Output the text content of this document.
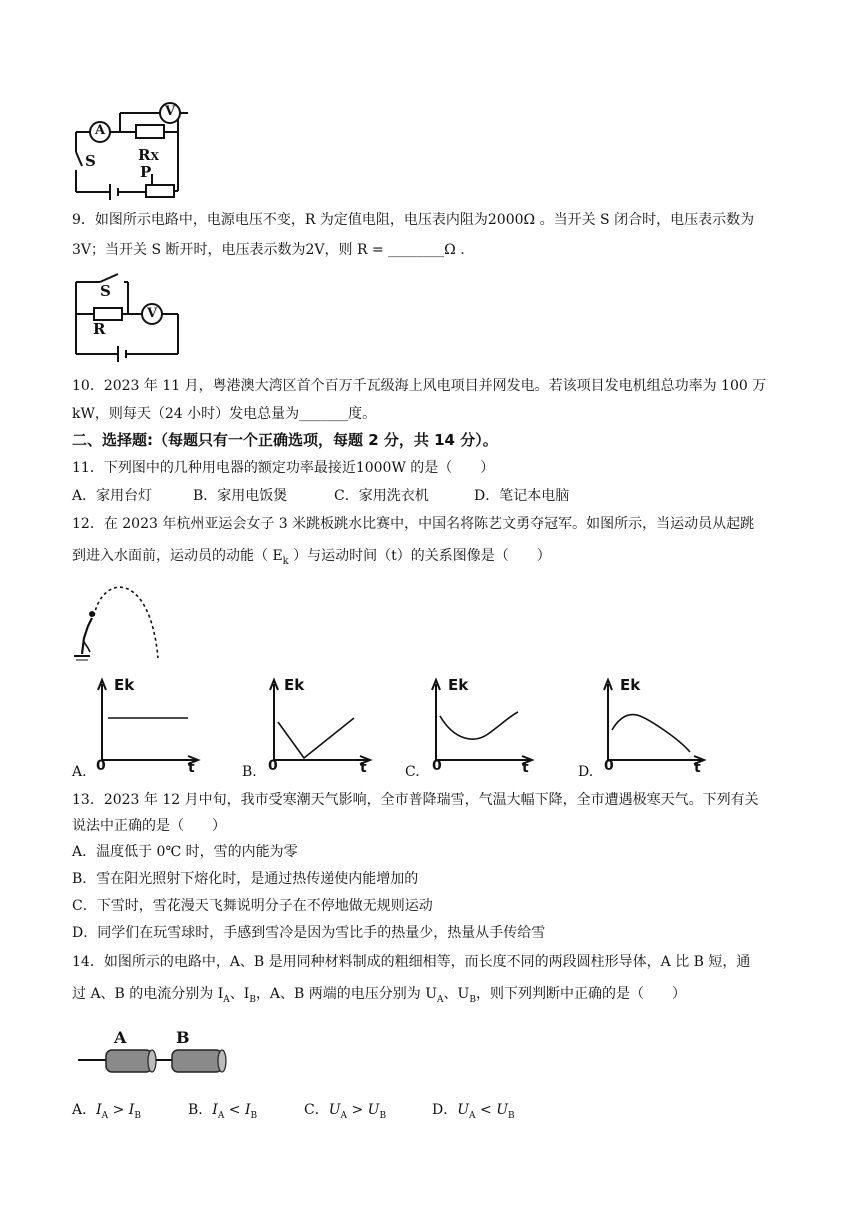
A
V
S	RX
P
9．如图所示电路中，电源电压不变，R 为定值电阻，电压表内阻为2000Ω 。当开关 S 闭合时，电压表示数为
3V；当开关 S 断开时，电压表示数为2V，则 R = ________Ω .
S
R
V
10．2023 年 11 月，粤港澳大湾区首个百万千瓦级海上风电项目并网发电。若该项目发电机组总功率为 100 万
kW，则每天（24 小时）发电总量为_______度。
二、选择题:（每题只有一个正确选项，每题 2 分，共 14 分）。
11．下列图中的几种用电器的额定功率最接近1000W 的是（　　）
A．家用台灯	B．家用电饭煲	C．家用洗衣机	D．笔记本电脑
12．在 2023 年杭州亚运会女子 3 米跳板跳水比赛中，中国名将陈艺文勇夺冠军。如图所示，当运动员从起跳
到进入水面前，运动员的动能（ $E_k$ ）与运动时间（t）的关系图像是（　　）
A.
Ek
0	t	B.
Ek
0	t	C.
Ek
0	t	D.
Ek
0	t
13．2023 年 12 月中旬，我市受寒潮天气影响，全市普降瑞雪，气温大幅下降，全市遭遇极寒天气。下列有关
说法中正确的是（　　）
A．温度低于 0℃ 时，雪的内能为零
B．雪在阳光照射下熔化时，是通过热传递使内能增加的
C．下雪时，雪花漫天飞舞说明分子在不停地做无规则运动
D．同学们在玩雪球时，手感到雪冷是因为雪比手的热量少，热量从手传给雪
14．如图所示的电路中，A、B 是用同种材料制成的粗细相等，而长度不同的两段圆柱形导体，A 比 B 短，通
过 A、B 的电流分别为 $I_A$、$I_B$，A、B 两端的电压分别为 $U_A$、$U_B$，则下列判断中正确的是（　　）
A	B
A．$I_A > I_B$	B．$I_A < I_B$	C．$U_A > U_B$	D．$U_A < U_B$
